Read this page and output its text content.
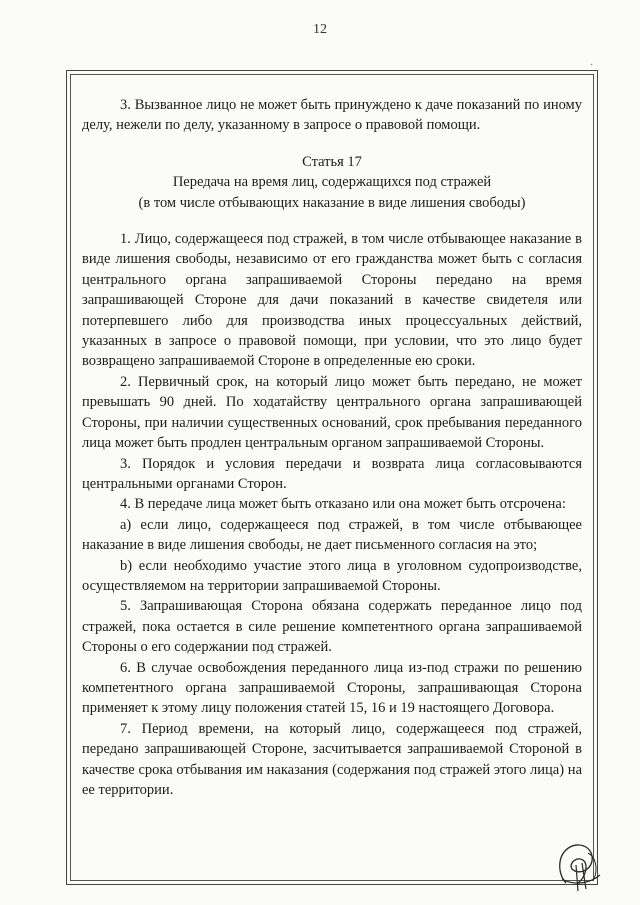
12
·

3. Вызванное лицо не может быть принуждено к даче показаний по иному делу, нежели по делу, указанному в запросе о правовой помощи.

Статья 17

Передача на время лиц, содержащихся под стражей

(в том числе отбывающих наказание в виде лишения свободы)

1. Лицо, содержащееся под стражей, в том числе отбывающее наказание в виде лишения свободы, независимо от его гражданства может быть с согласия центрального органа запрашиваемой Стороны передано на время запрашивающей Стороне для дачи показаний в качестве свидетеля или потерпевшего либо для производства иных процессуальных действий, указанных в запросе о правовой помощи, при условии, что это лицо будет возвращено запрашиваемой Стороне в определенные ею сроки.

2. Первичный срок, на который лицо может быть передано, не может превышать 90 дней. По ходатайству центрального органа запрашивающей Стороны, при наличии существенных оснований, срок пребывания переданного лица может быть продлен центральным органом запрашиваемой Стороны.

3. Порядок и условия передачи и возврата лица согласовываются центральными органами Сторон.

4. В передаче лица может быть отказано или она может быть отсрочена:

a) если лицо, содержащееся под стражей, в том числе отбывающее наказание в виде лишения свободы, не дает письменного согласия на это;

b) если необходимо участие этого лица в уголовном судопроизводстве, осуществляемом на территории запрашиваемой Стороны.

5. Запрашивающая Сторона обязана содержать переданное лицо под стражей, пока остается в силе решение компетентного органа запрашиваемой Стороны о его содержании под стражей.

6. В случае освобождения переданного лица из-под стражи по решению компетентного органа запрашиваемой Стороны, запрашивающая Сторона применяет к этому лицу положения статей 15, 16 и 19 настоящего Договора.

7. Период времени, на который лицо, содержащееся под стражей, передано запрашивающей Стороне, засчитывается запрашиваемой Стороной в качестве срока отбывания им наказания (содержания под стражей этого лица) на ее территории.
